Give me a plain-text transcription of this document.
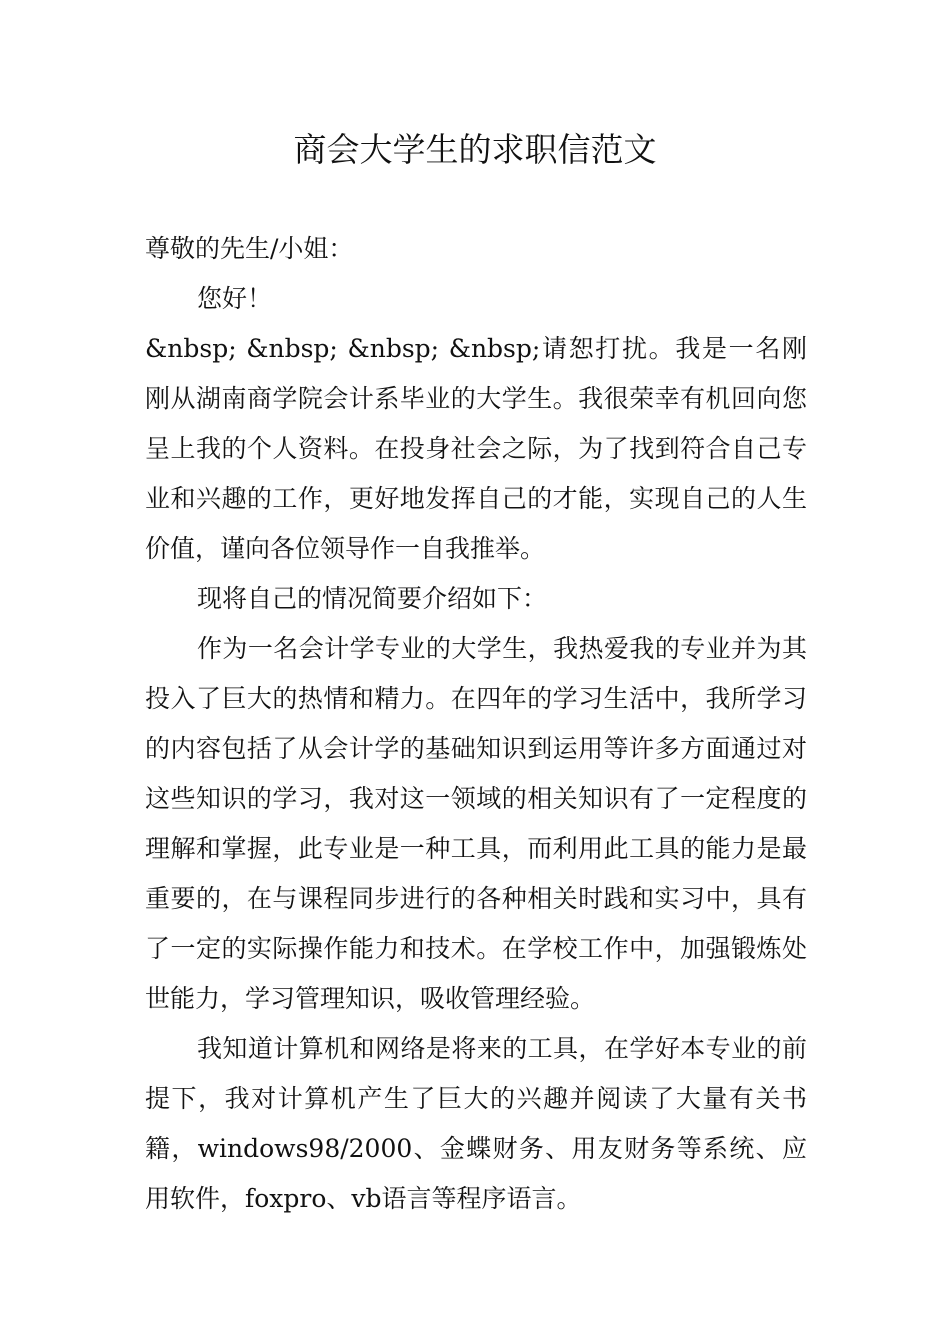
商会大学生的求职信范文

尊敬的先生/小姐：

您好！

&nbsp; &nbsp; &nbsp; &nbsp;请恕打扰。我是一名刚刚从湖南商学院会计系毕业的大学生。我很荣幸有机回向您呈上我的个人资料。在投身社会之际，为了找到符合自己专业和兴趣的工作，更好地发挥自己的才能，实现自己的人生价值，谨向各位领导作一自我推举。

现将自己的情况简要介绍如下：

作为一名会计学专业的大学生，我热爱我的专业并为其投入了巨大的热情和精力。在四年的学习生活中，我所学习的内容包括了从会计学的基础知识到运用等许多方面通过对这些知识的学习，我对这一领域的相关知识有了一定程度的理解和掌握，此专业是一种工具，而利用此工具的能力是最重要的，在与课程同步进行的各种相关时践和实习中，具有了一定的实际操作能力和技术。在学校工作中，加强锻炼处世能力，学习管理知识，吸收管理经验。

我知道计算机和网络是将来的工具，在学好本专业的前提下，我对计算机产生了巨大的兴趣并阅读了大量有关书籍，windows98/2000、金蝶财务、用友财务等系统、应用软件，foxpro、vb语言等程序语言。
